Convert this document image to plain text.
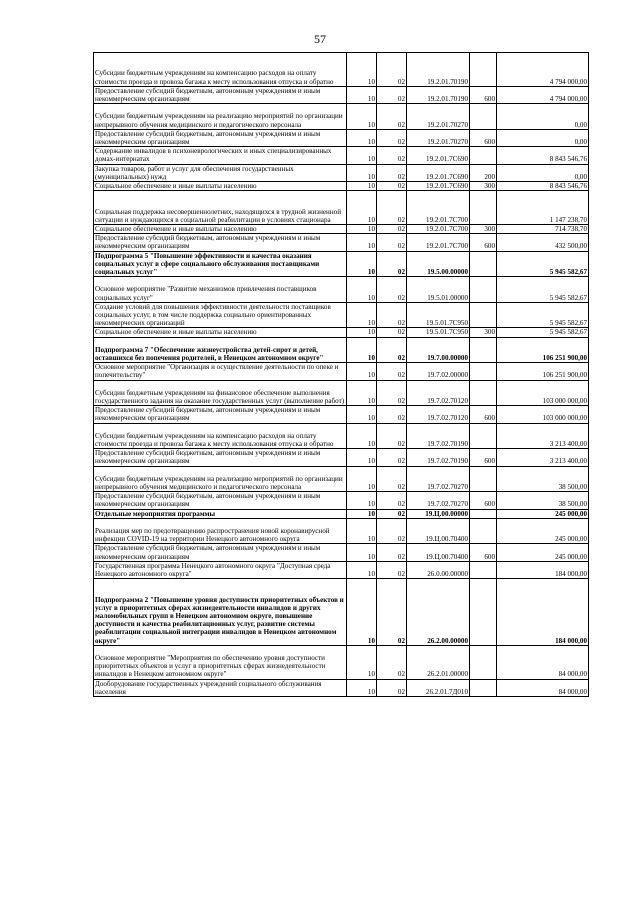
57
Субсидии бюджетным учреждениям на компенсацию расходов на оплату стоимости проезда и провоза багажа к месту использования отпуска и обратно	10	02	19.2.01.70190		4 794 000,00
Предоставление субсидий бюджетным, автономным учреждениям и иным некоммерческим организациям	10	02	19.2.01.70190	600	4 794 000,00
Субсидии бюджетным учреждениям на реализацию мероприятий по организации непрерывного обучения медицинского и педагогического персонала	10	02	19.2.01.70270		0,00
Предоставление субсидий бюджетным, автономным учреждениям и иным некоммерческим организациям	10	02	19.2.01.70270	600	0,00
Содержание инвалидов в психоневрологических и иных специализированных домах-интернатах	10	02	19.2.01.7С690		8 843 546,76
Закупка товаров, работ и услуг для обеспечения государственных (муниципальных) нужд	10	02	19.2.01.7С690	200	0,00
Социальное обеспечение и иные выплаты населению	10	02	19.2.01.7С690	300	8 843 546,76
Социальная поддержка несовершеннолетних, находящихся в трудной жизненной ситуации и нуждающихся в социальной реабилитации в условиях стационара	10	02	19.2.01.7С700		1 147 238,70
Социальное обеспечение и иные выплаты населению	10	02	19.2.01.7С700	300	714 738,70
Предоставление субсидий бюджетным, автономным учреждениям и иным некоммерческим организациям	10	02	19.2.01.7С700	600	432 500,00
Подпрограмма 5 "Повышение эффективности и качества оказания социальных услуг в сфере социального обслуживания поставщиками социальных услуг"	10	02	19.5.00.00000		5 945 582,67
Основное мероприятие "Развитие механизмов привлечения поставщиков социальных услуг"	10	02	19.5.01.00000		5 945 582,67
Создание условий для повышения эффективности деятельности поставщиков социальных услуг, в том числе поддержка социально ориентированных некоммерческих организаций	10	02	19.5.01.7С950		5 945 582,67
Социальное обеспечение и иные выплаты населению	10	02	19.5.01.7С950	300	5 945 582,67
Подпрограмма 7 "Обеспечение жизнеустройства детей-сирот и детей, оставшихся без попечения родителей, в Ненецком автономном округе"	10	02	19.7.00.00000		106 251 900,00
Основное мероприятие "Организация и осуществление деятельности по опеке и попечительству"	10	02	19.7.02.00000		106 251 900,00
Субсидии бюджетным учреждениям на финансовое обеспечение выполнения государственного задания на оказание государственных услуг (выполнение работ)	10	02	19.7.02.70120		103 000 000,00
Предоставление субсидий бюджетным, автономным учреждениям и иным некоммерческим организациям	10	02	19.7.02.70120	600	103 000 000,00
Субсидии бюджетным учреждениям на компенсацию расходов на оплату стоимости проезда и провоза багажа к месту использования отпуска и обратно	10	02	19.7.02.70190		3 213 400,00
Предоставление субсидий бюджетным, автономным учреждениям и иным некоммерческим организациям	10	02	19.7.02.70190	600	3 213 400,00
Субсидии бюджетным учреждениям на реализацию мероприятий по организации непрерывного обучения медицинского и педагогического персонала	10	02	19.7.02.70270		38 500,00
Предоставление субсидий бюджетным, автономным учреждениям и иным некоммерческим организациям	10	02	19.7.02.70270	600	38 500,00
Отдельные мероприятия программы	10	02	19.Ц.00.00000		245 000,00
Реализация мер по предотвращению распространения новой коронавирусной инфекции COVID-19 на территории Ненецкого автономного округа	10	02	19.Ц.00.70400		245 000,00
Предоставление субсидий бюджетным, автономным учреждениям и иным некоммерческим организациям	10	02	19.Ц.00.70400	600	245 000,00
Государственная программа Ненецкого автономного округа "Доступная среда Ненецкого автономного округа"	10	02	26.0.00.00000		184 000,00
Подпрограмма 2 "Повышение уровня доступности приоритетных объектов и услуг в приоритетных сферах жизнедеятельности инвалидов и других маломобильных групп в Ненецком автономном округе, повышение доступности и качества реабилитационных услуг, развитие системы реабилитации социальной интеграции инвалидов в Ненецком автономном округе"	10	02	26.2.00.00000		184 000,00
Основное мероприятие "Мероприятия по обеспечению уровня доступности приоритетных объектов и услуг в приоритетных сферах жизнедеятельности инвалидов в Ненецком автономном округе"	10	02	26.2.01.00000		84 000,00
Дооборудование государственных учреждений социального обслуживания населения	10	02	26.2.01.7Д010		84 000,00
